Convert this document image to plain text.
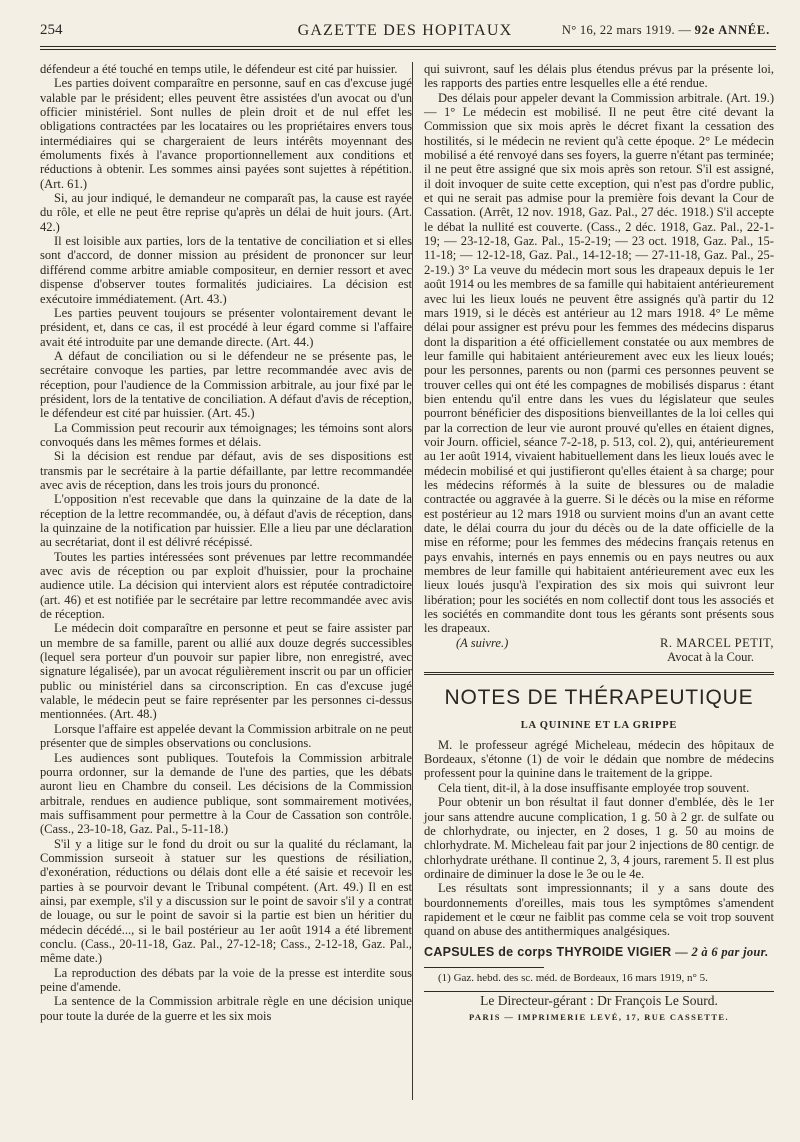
254	GAZETTE DES HOPITAUX	N° 16, 22 mars 1919. — 92e ANNÉE.

défendeur a été touché en temps utile, le défendeur est cité par huissier.

Les parties doivent comparaître en personne, sauf en cas d'excuse jugé valable par le président; elles peuvent être assistées d'un avocat ou d'un officier ministériel. Sont nulles de plein droit et de nul effet les obligations contractées par les locataires ou les propriétaires envers tous intermédiaires qui se chargeraient de leurs intérêts moyennant des émoluments fixés à l'avance proportionnellement aux conditions et réductions à obtenir. Les sommes ainsi payées sont sujettes à répétition. (Art. 61.)

Si, au jour indiqué, le demandeur ne comparaît pas, la cause est rayée du rôle, et elle ne peut être reprise qu'après un délai de huit jours. (Art. 42.)

Il est loisible aux parties, lors de la tentative de conciliation et si elles sont d'accord, de donner mission au président de prononcer sur leur différend comme arbitre amiable compositeur, en dernier ressort et avec dispense d'observer toutes formalités judiciaires. La décision est exécutoire immédiatement. (Art. 43.)

Les parties peuvent toujours se présenter volontairement devant le président, et, dans ce cas, il est procédé à leur égard comme si l'affaire avait été introduite par une demande directe. (Art. 44.)

A défaut de conciliation ou si le défendeur ne se présente pas, le secrétaire convoque les parties, par lettre recommandée avec avis de réception, pour l'audience de la Commission arbitrale, au jour fixé par le président, lors de la tentative de conciliation. A défaut d'avis de réception, le défendeur est cité par huissier. (Art. 45.)

La Commission peut recourir aux témoignages; les témoins sont alors convoqués dans les mêmes formes et délais.

Si la décision est rendue par défaut, avis de ses dispositions est transmis par le secrétaire à la partie défaillante, par lettre recommandée avec avis de réception, dans les trois jours du prononcé.

L'opposition n'est recevable que dans la quinzaine de la date de la réception de la lettre recommandée, ou, à défaut d'avis de réception, dans la quinzaine de la notification par huissier. Elle a lieu par une déclaration au secrétariat, dont il est délivré récépissé.

Toutes les parties intéressées sont prévenues par lettre recommandée avec avis de réception ou par exploit d'huissier, pour la prochaine audience utile. La décision qui intervient alors est réputée contradictoire (art. 46) et est notifiée par le secrétaire par lettre recommandée avec avis de réception.

Le médecin doit comparaître en personne et peut se faire assister par un membre de sa famille, parent ou allié aux douze degrés successibles (lequel sera porteur d'un pouvoir sur papier libre, non enregistré, avec signature légalisée), par un avocat régulièrement inscrit ou par un officier public ou ministériel dans sa circonscription. En cas d'excuse jugé valable, le médecin peut se faire représenter par les personnes ci-dessus mentionnées. (Art. 48.)

Lorsque l'affaire est appelée devant la Commission arbitrale on ne peut présenter que de simples observations ou conclusions.

Les audiences sont publiques. Toutefois la Commission arbitrale pourra ordonner, sur la demande de l'une des parties, que les débats auront lieu en Chambre du conseil. Les décisions de la Commission arbitrale, rendues en audience publique, sont sommairement motivées, mais suffisamment pour permettre à la Cour de Cassation son contrôle. (Cass., 23-10-18, Gaz. Pal., 5-11-18.)

S'il y a litige sur le fond du droit ou sur la qualité du réclamant, la Commission surseoit à statuer sur les questions de résiliation, d'exonération, réductions ou délais dont elle a été saisie et recevoir les parties à se pourvoir devant le Tribunal compétent. (Art. 49.) Il en est ainsi, par exemple, s'il y a discussion sur le point de savoir s'il y a contrat de louage, ou sur le point de savoir si la partie est bien un héritier du médecin décédé..., si le bail postérieur au 1er août 1914 a été librement conclu. (Cass., 20-11-18, Gaz. Pal., 27-12-18; Cass., 2-12-18, Gaz. Pal., même date.)

La reproduction des débats par la voie de la presse est interdite sous peine d'amende.

La sentence de la Commission arbitrale règle en une décision unique pour toute la durée de la guerre et les six mois

qui suivront, sauf les délais plus étendus prévus par la présente loi, les rapports des parties entre lesquelles elle a été rendue.

Des délais pour appeler devant la Commission arbitrale. (Art. 19.) — 1° Le médecin est mobilisé. Il ne peut être cité devant la Commission que six mois après le décret fixant la cessation des hostilités, si le médecin ne revient qu'à cette époque. 2° Le médecin mobilisé a été renvoyé dans ses foyers, la guerre n'étant pas terminée; il ne peut être assigné que six mois après son retour. S'il est assigné, il doit invoquer de suite cette exception, qui n'est pas d'ordre public, et qui ne serait pas admise pour la première fois devant la Cour de Cassation. (Arrêt, 12 nov. 1918, Gaz. Pal., 27 déc. 1918.) S'il accepte le débat la nullité est couverte. (Cass., 2 déc. 1918, Gaz. Pal., 22-1-19; — 23-12-18, Gaz. Pal., 15-2-19; — 23 oct. 1918, Gaz. Pal., 15-11-18; — 12-12-18, Gaz. Pal., 14-12-18; — 27-11-18, Gaz. Pal., 25-2-19.) 3° La veuve du médecin mort sous les drapeaux depuis le 1er août 1914 ou les membres de sa famille qui habitaient antérieurement avec lui les lieux loués ne peuvent être assignés qu'à partir du 12 mars 1919, si le décès est antérieur au 12 mars 1918. 4° Le même délai pour assigner est prévu pour les femmes des médecins disparus dont la disparition a été officiellement constatée ou aux membres de leur famille qui habitaient antérieurement avec eux les lieux loués; pour les personnes, parents ou non (parmi ces personnes peuvent se trouver celles qui ont été les compagnes de mobilisés disparus : étant bien entendu qu'il entre dans les vues du législateur que seules pourront bénéficier des dispositions bienveillantes de la loi celles qui par la correction de leur vie auront prouvé qu'elles en étaient dignes, voir Journ. officiel, séance 7-2-18, p. 513, col. 2), qui, antérieurement au 1er août 1914, vivaient habituellement dans les lieux loués avec le médecin mobilisé et qui justifieront qu'elles étaient à sa charge; pour les médecins réformés à la suite de blessures ou de maladie contractée ou aggravée à la guerre. Si le décès ou la mise en réforme est postérieur au 12 mars 1918 ou survient moins d'un an avant cette date, le délai courra du jour du décès ou de la date officielle de la mise en réforme; pour les femmes des médecins français retenus en pays envahis, internés en pays ennemis ou en pays neutres ou aux membres de leur famille qui habitaient antérieurement avec eux les lieux loués jusqu'à l'expiration des six mois qui suivront leur libération; pour les sociétés en nom collectif dont tous les associés et les sociétés en commandite dont tous les gérants sont présents sous les drapeaux.

(A suivre.)	R. MARCEL PETIT,
Avocat à la Cour.
NOTES DE THÉRAPEUTIQUE
LA QUININE ET LA GRIPPE

M. le professeur agrégé Micheleau, médecin des hôpitaux de Bordeaux, s'étonne (1) de voir le dédain que nombre de médecins professent pour la quinine dans le traitement de la grippe.

Cela tient, dit-il, à la dose insuffisante employée trop souvent.

Pour obtenir un bon résultat il faut donner d'emblée, dès le 1er jour sans attendre aucune complication, 1 g. 50 à 2 gr. de sulfate ou de chlorhydrate, ou injecter, en 2 doses, 1 g. 50 au moins de chlorhydrate. M. Micheleau fait par jour 2 injections de 80 centigr. de chlorhydrate uréthane. Il continue 2, 3, 4 jours, rarement 5. Il est plus ordinaire de diminuer la dose le 3e ou le 4e.

Les résultats sont impressionnants; il y a sans doute des bourdonnements d'oreilles, mais tous les symptômes s'amendent rapidement et le cœur ne faiblit pas comme cela se voit trop souvent quand on abuse des antithermiques analgésiques.

CAPSULES de corps THYROIDE VIGIER — 2 à 6 par jour.

(1) Gaz. hebd. des sc. méd. de Bordeaux, 16 mars 1919, n° 5.

Le Directeur-gérant : Dr François Le Sourd.
PARIS — IMPRIMERIE LEVÉ, 17, RUE CASSETTE.
